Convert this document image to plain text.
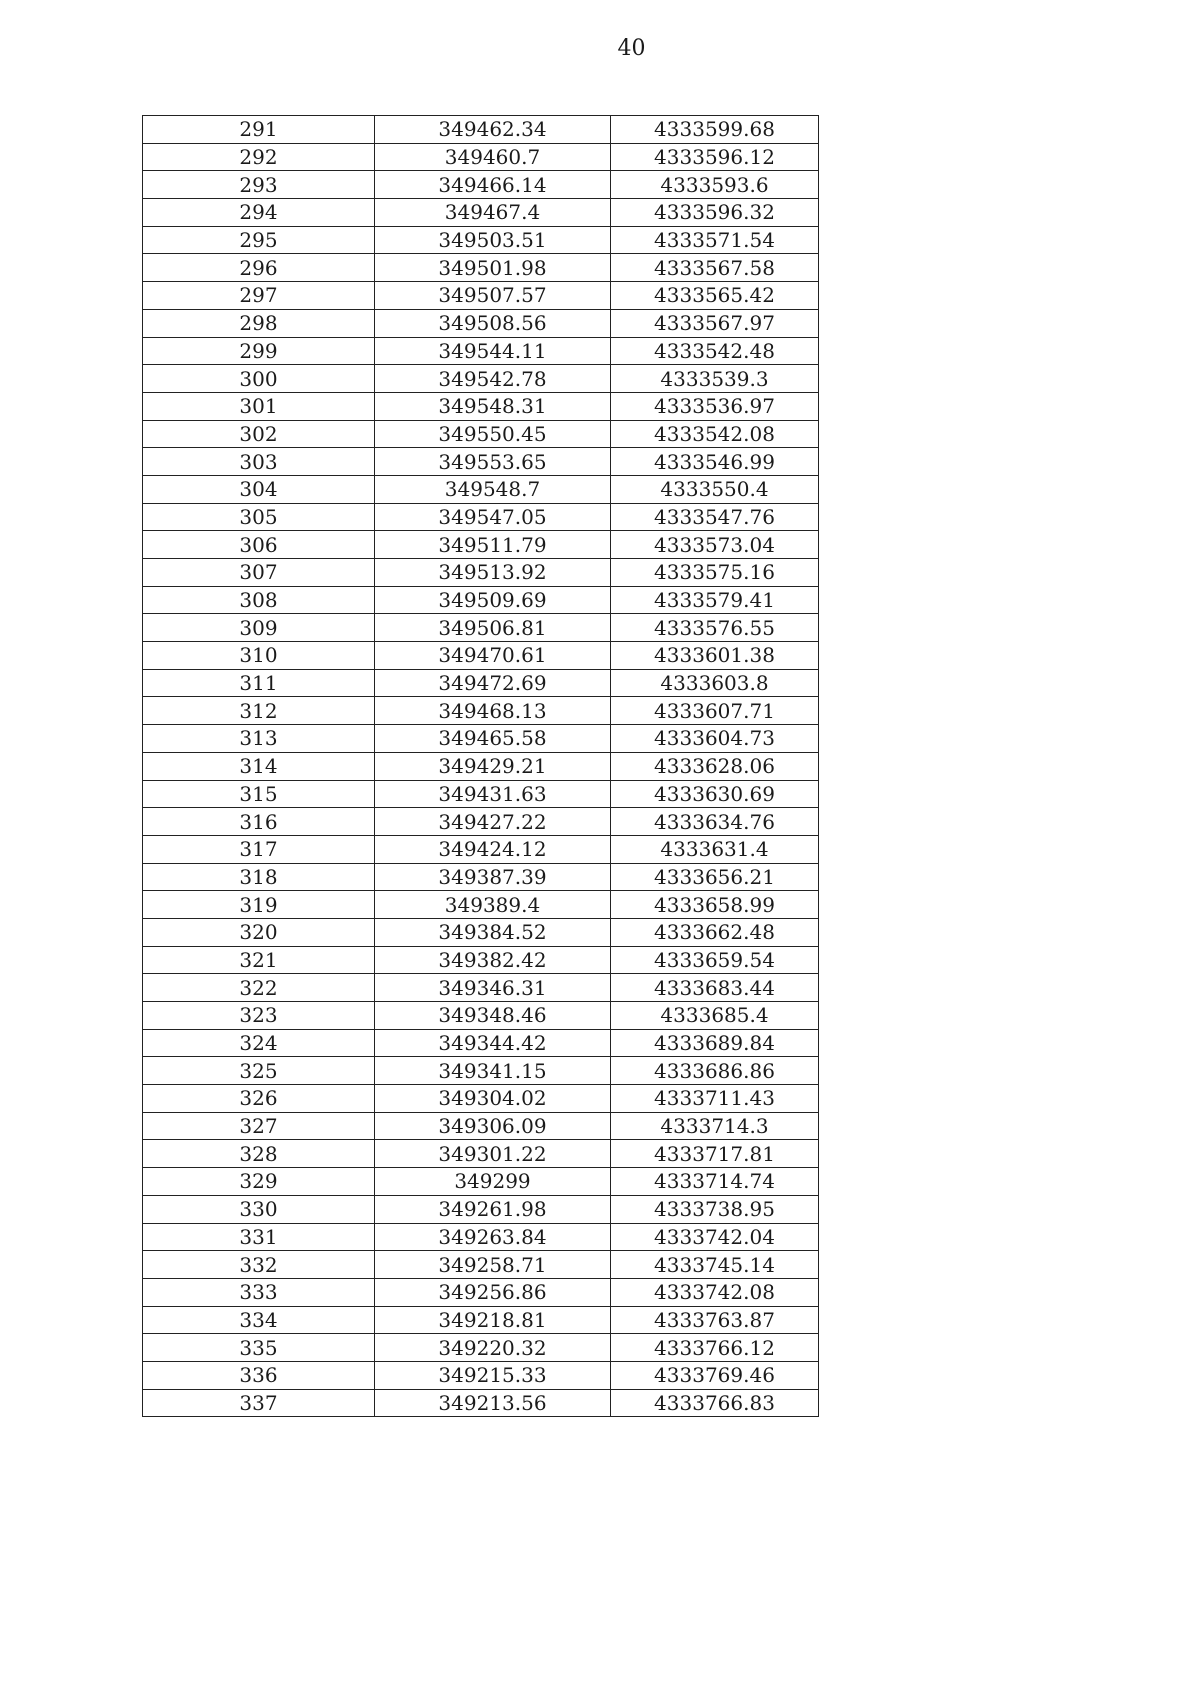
40
291	349462.34	4333599.68
292	349460.7	4333596.12
293	349466.14	4333593.6
294	349467.4	4333596.32
295	349503.51	4333571.54
296	349501.98	4333567.58
297	349507.57	4333565.42
298	349508.56	4333567.97
299	349544.11	4333542.48
300	349542.78	4333539.3
301	349548.31	4333536.97
302	349550.45	4333542.08
303	349553.65	4333546.99
304	349548.7	4333550.4
305	349547.05	4333547.76
306	349511.79	4333573.04
307	349513.92	4333575.16
308	349509.69	4333579.41
309	349506.81	4333576.55
310	349470.61	4333601.38
311	349472.69	4333603.8
312	349468.13	4333607.71
313	349465.58	4333604.73
314	349429.21	4333628.06
315	349431.63	4333630.69
316	349427.22	4333634.76
317	349424.12	4333631.4
318	349387.39	4333656.21
319	349389.4	4333658.99
320	349384.52	4333662.48
321	349382.42	4333659.54
322	349346.31	4333683.44
323	349348.46	4333685.4
324	349344.42	4333689.84
325	349341.15	4333686.86
326	349304.02	4333711.43
327	349306.09	4333714.3
328	349301.22	4333717.81
329	349299	4333714.74
330	349261.98	4333738.95
331	349263.84	4333742.04
332	349258.71	4333745.14
333	349256.86	4333742.08
334	349218.81	4333763.87
335	349220.32	4333766.12
336	349215.33	4333769.46
337	349213.56	4333766.83
